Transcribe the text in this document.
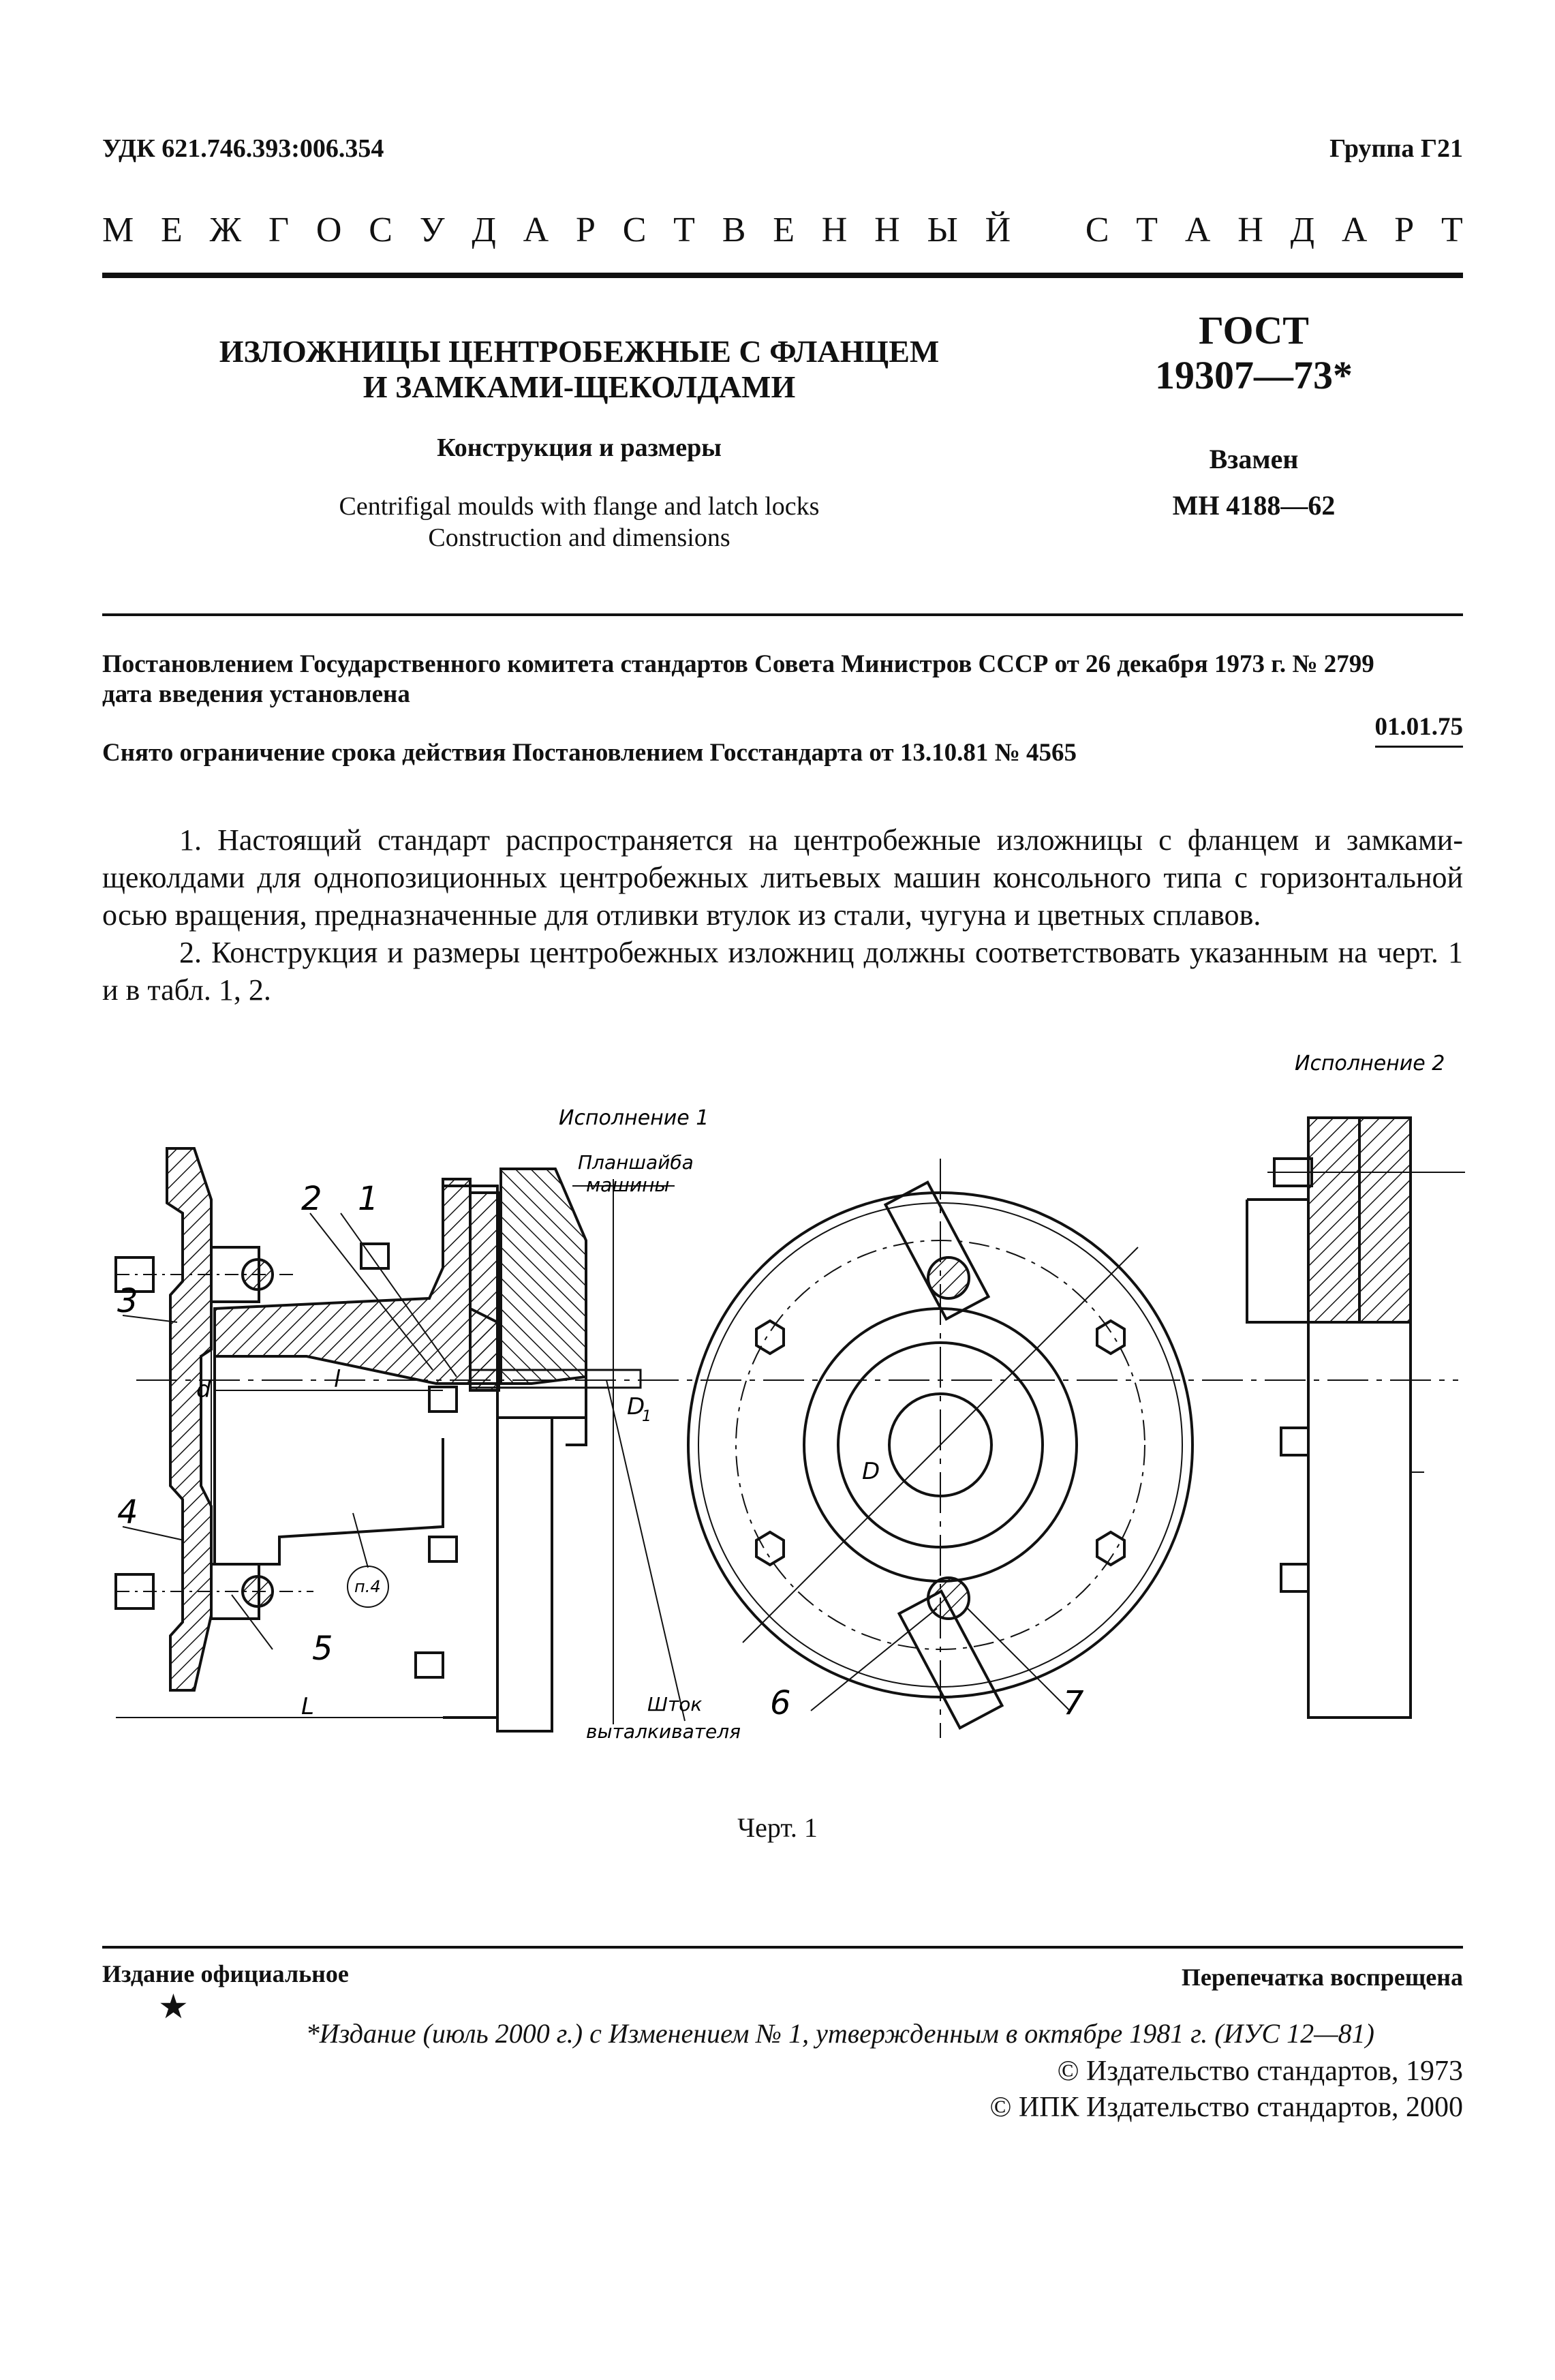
УДК 621.746.393:006.354	Группа Г21
М Е Ж Г О С У Д А Р С Т В Е Н Н Ы Й С Т А Н Д А Р Т
ИЗЛОЖНИЦЫ ЦЕНТРОБЕЖНЫЕ С ФЛАНЦЕМ
И ЗАМКАМИ-ЩЕКОЛДАМИ
Конструкция и размеры
Centrifigal moulds with flange and latch locks
Construction and dimensions
ГОСТ
19307—73*
Взамен
МН 4188—62
Постановлением Государственного комитета стандартов Совета Министров СССР от 26 декабря 1973 г. № 2799
дата введения установлена
01.01.75
Снято ограничение срока действия Постановлением Госстандарта от 13.10.81 № 4565

1. Настоящий стандарт распространяется на центробежные изложницы с фланцем и замками-щеколдами для однопозиционных центробежных литьевых машин консольного типа с горизонтальной осью вращения, предназначенные для отливки втулок из стали, чугуна и цветных сплавов.

2. Конструкция и размеры центробежных изложниц должны соответствовать указанным на черт. 1 и в табл. 1, 2.

Исполнение 1
Исполнение 2
Планшайба
машины
Шток
выталкивателя
2 1
3
4
5
6	7
l
L
d
D
D
1
п.4
Черт. 1
Издание официальное
★
Перепечатка воспрещена
*Издание (июль 2000 г.) с Изменением № 1, утвержденным в октябре 1981 г. (ИУС 12—81)
© Издательство стандартов, 1973
© ИПК Издательство стандартов, 2000
